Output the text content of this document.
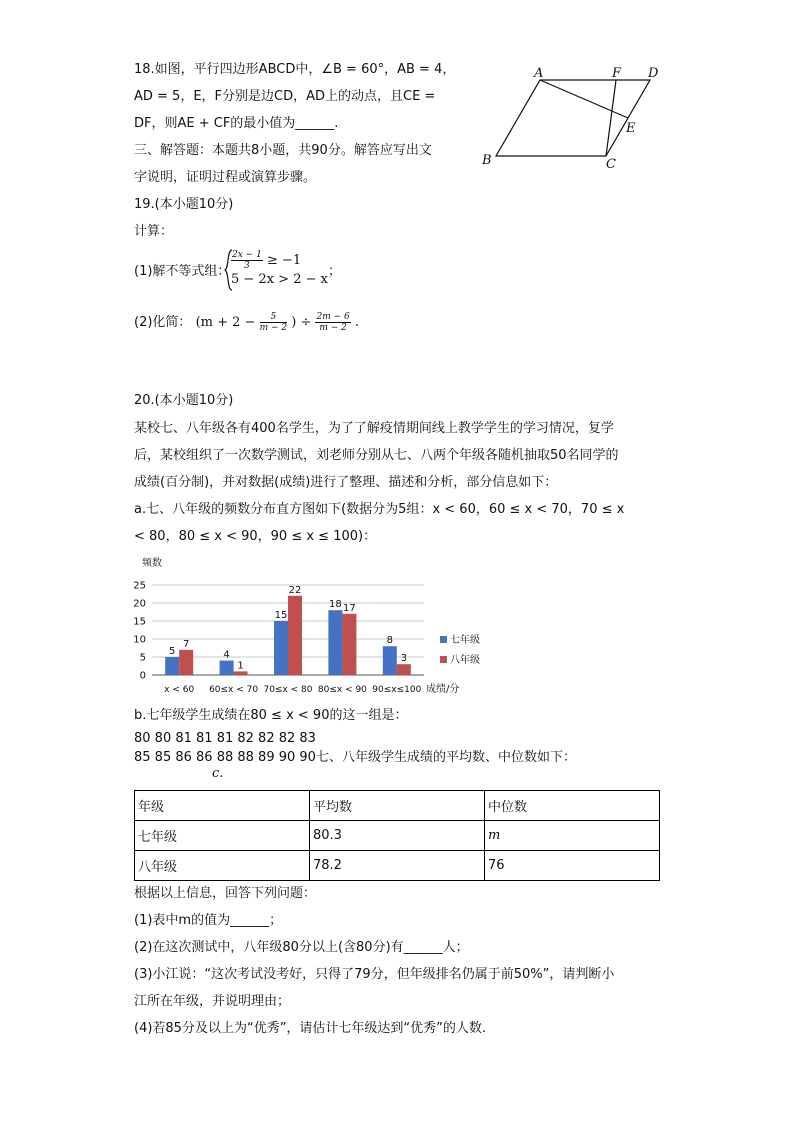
18.如图，平行四边形ABCD中，∠B = 60°，AB = 4，
AD = 5，E，F分别是边CD，AD上的动点，且CE =
DF，则AE + CF的最小值为______.
A	F D
E
B	C
三、解答题：本题共8小题，共90分。解答应写出文
字说明，证明过程或演算步骤。
19.(本小题10分)
计算：
(1)解不等式组：
$\frac{2x - 1}{3} \ge -1$
5 − 2x > 2 − x
；
(2)化简： ($m + 2 - \frac{5}{m - 2}$ ) ÷ $\frac{2m - 6}{m - 2}$ .
20.(本小题10分)
某校七、八年级各有400名学生，为了了解疫情期间线上教学学生的学习情况，复学
后，某校组织了一次数学测试，刘老师分别从七、八两个年级各随机抽取50名同学的
成绩(百分制)，并对数据(成绩)进行了整理、描述和分析，部分信息如下：
a.七、八年级的频数分布直方图如下(数据分为5组：x < 60，60 ≤ x < 70，70 ≤ x
< 80，80 ≤ x < 90，90 ≤ x ≤ 100)：
0
5
10
15
20
25
5
7
x < 60
4
1
60≤x < 70
15
22
70≤x < 80
18 17
80≤x < 90
8
3
90≤x≤100
频数
成绩/分
七年级
八年级
b.七年级学生成绩在80 ≤ x < 90的这一组是：
80 80 81 81 81 82 82 82 83
85 85 86 86 88 88 89 90 90七、八年级学生成绩的平均数、中位数如下：
c.
年级	平均数	中位数
七年级	80.3	m
八年级	78.2	76
根据以上信息，回答下列问题：
(1)表中m的值为______；
(2)在这次测试中，八年级80分以上(含80分)有______人；
(3)小江说：“这次考试没考好，只得了79分，但年级排名仍属于前50%”，请判断小
江所在年级，并说明理由；
(4)若85分及以上为“优秀”，请估计七年级达到“优秀”的人数.
